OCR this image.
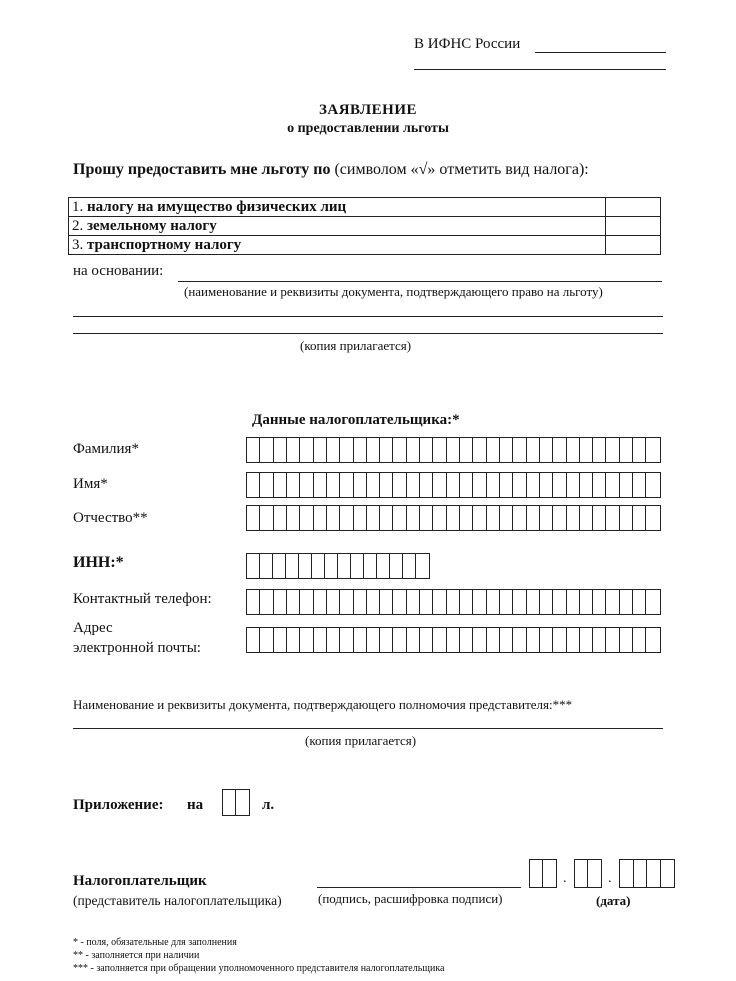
В ИФНС России
ЗАЯВЛЕНИЕ
о предоставлении льготы
Прошу предоставить мне льготу по (символом «√» отметить вид налога):
1. налогу на имущество физических лиц	
2. земельному налогу	
3. транспортному налогу	
на основании:
(наименование и реквизиты документа, подтверждающего право на льготу)
(копия прилагается)
Данные налогоплательщика:*
Фамилия*
Имя*
Отчество**
ИНН:*
Контактный телефон:
Адрес
электронной почты:
Наименование и реквизиты документа, подтверждающего полномочия представителя:***
(копия прилагается)
Приложение: на	л.
Налогоплательщик
(представитель налогоплательщика)	(подпись, расшифровка подписи)
.	.
(дата)
* - поля, обязательные для заполнения
** - заполняется при наличии
*** - заполняется при обращении уполномоченного представителя налогоплательщика
